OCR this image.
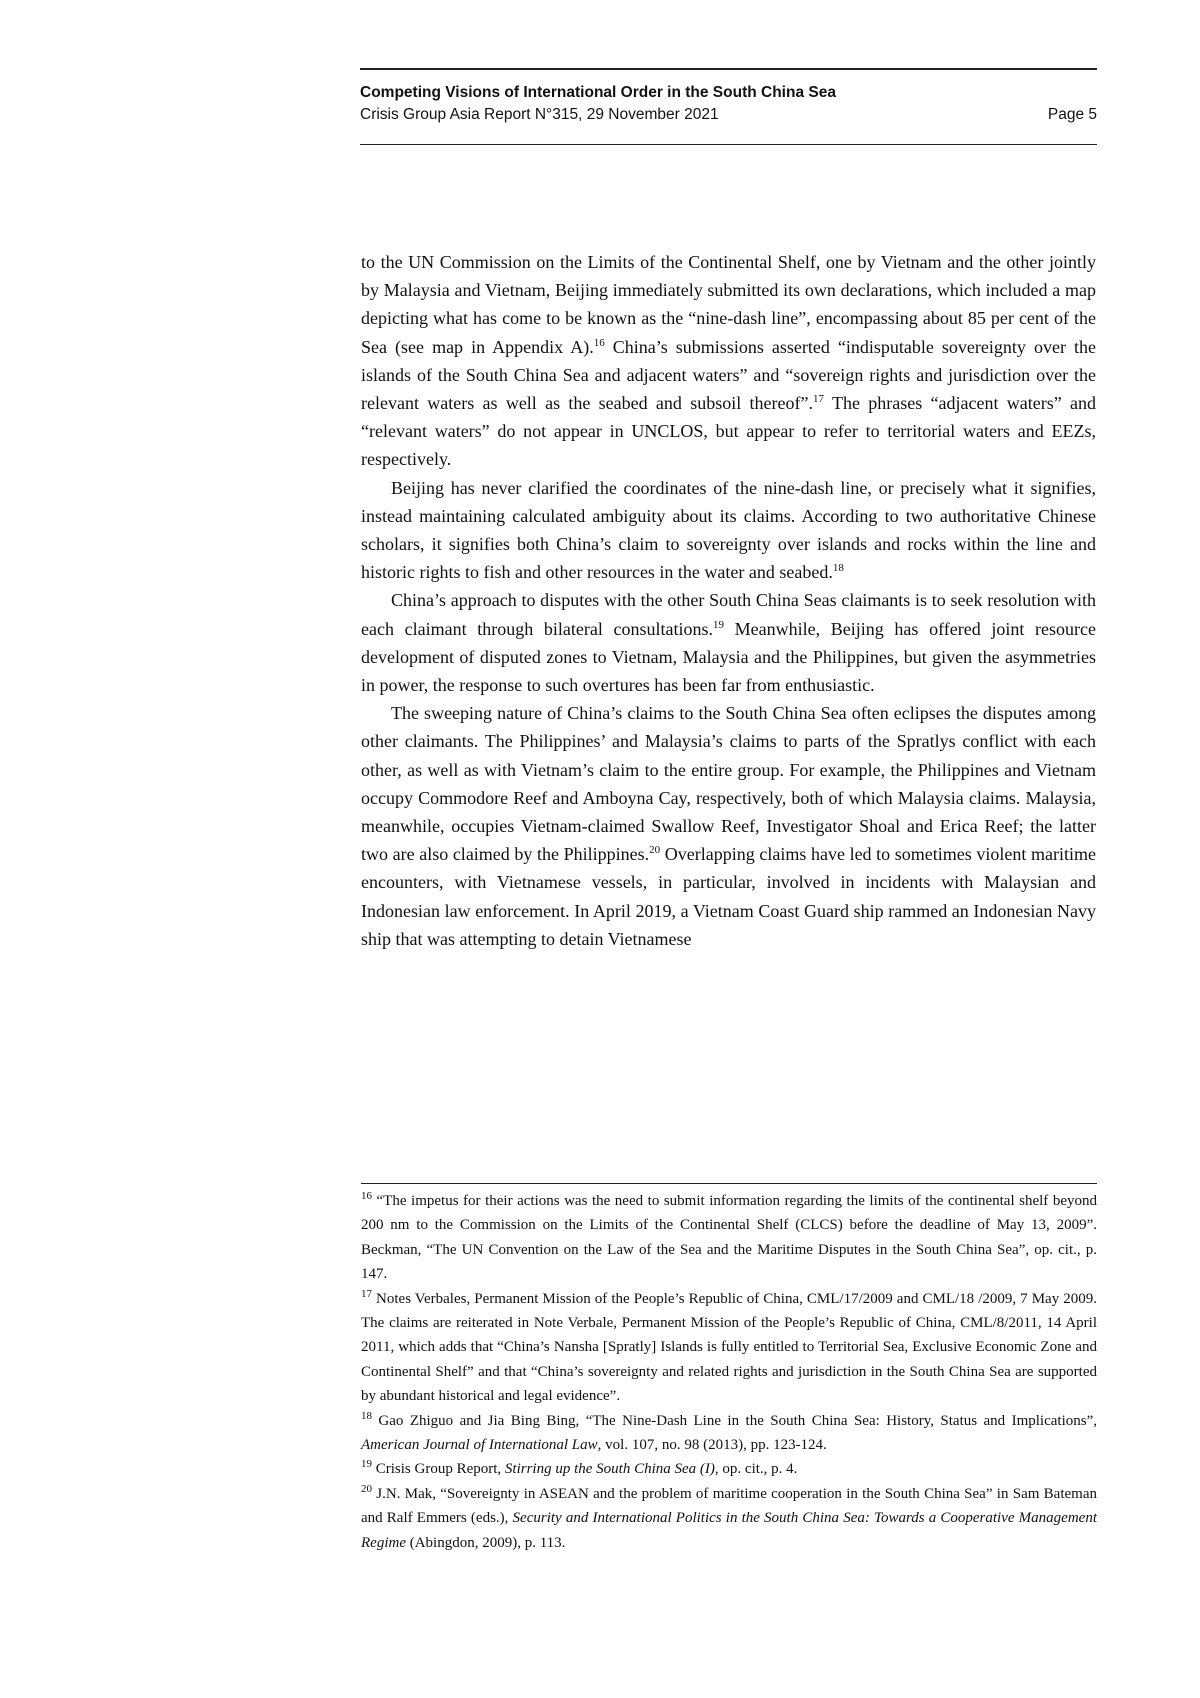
Competing Visions of International Order in the South China Sea
Crisis Group Asia Report N°315, 29 November 2021	Page 5

to the UN Commission on the Limits of the Continental Shelf, one by Vietnam and the other jointly by Malaysia and Vietnam, Beijing immediately submitted its own declarations, which included a map depicting what has come to be known as the “nine-dash line”, encompassing about 85 per cent of the Sea (see map in Appendix A).$^{16}$ China’s submissions asserted “indisputable sovereignty over the islands of the South China Sea and adjacent waters” and “sovereign rights and jurisdiction over the relevant waters as well as the seabed and subsoil thereof”.$^{17}$ The phrases “adjacent waters” and “relevant waters” do not appear in UNCLOS, but appear to refer to territorial waters and EEZs, respectively.

Beijing has never clarified the coordinates of the nine-dash line, or precisely what it signifies, instead maintaining calculated ambiguity about its claims. According to two authoritative Chinese scholars, it signifies both China’s claim to sovereignty over islands and rocks within the line and historic rights to fish and other resources in the water and seabed.$^{18}$

China’s approach to disputes with the other South China Seas claimants is to seek resolution with each claimant through bilateral consultations.$^{19}$ Meanwhile, Beijing has offered joint resource development of disputed zones to Vietnam, Malaysia and the Philippines, but given the asymmetries in power, the response to such overtures has been far from enthusiastic.

The sweeping nature of China’s claims to the South China Sea often eclipses the disputes among other claimants. The Philippines’ and Malaysia’s claims to parts of the Spratlys conflict with each other, as well as with Vietnam’s claim to the entire group. For example, the Philippines and Vietnam occupy Commodore Reef and Amboyna Cay, respectively, both of which Malaysia claims. Malaysia, meanwhile, occupies Vietnam-claimed Swallow Reef, Investigator Shoal and Erica Reef; the latter two are also claimed by the Philippines.$^{20}$ Overlapping claims have led to sometimes violent maritime encounters, with Vietnamese vessels, in particular, involved in incidents with Malaysian and Indonesian law enforcement. In April 2019, a Vietnam Coast Guard ship rammed an Indonesian Navy ship that was attempting to detain Vietnamese

$^{16}$ “The impetus for their actions was the need to submit information regarding the limits of the continental shelf beyond 200 nm to the Commission on the Limits of the Continental Shelf (CLCS) before the deadline of May 13, 2009”. Beckman, “The UN Convention on the Law of the Sea and the Maritime Disputes in the South China Sea”, op. cit., p. 147.

$^{17}$ Notes Verbales, Permanent Mission of the People’s Republic of China, CML/17/2009 and CML/18 /2009, 7 May 2009. The claims are reiterated in Note Verbale, Permanent Mission of the People’s Republic of China, CML/8/2011, 14 April 2011, which adds that “China’s Nansha [Spratly] Islands is fully entitled to Territorial Sea, Exclusive Economic Zone and Continental Shelf” and that “China’s sovereignty and related rights and jurisdiction in the South China Sea are supported by abundant historical and legal evidence”.

$^{18}$ Gao Zhiguo and Jia Bing Bing, “The Nine-Dash Line in the South China Sea: History, Status and Implications”, American Journal of International Law, vol. 107, no. 98 (2013), pp. 123-124.

$^{19}$ Crisis Group Report, Stirring up the South China Sea (I), op. cit., p. 4.

$^{20}$ J.N. Mak, “Sovereignty in ASEAN and the problem of maritime cooperation in the South China Sea” in Sam Bateman and Ralf Emmers (eds.), Security and International Politics in the South China Sea: Towards a Cooperative Management Regime (Abingdon, 2009), p. 113.
